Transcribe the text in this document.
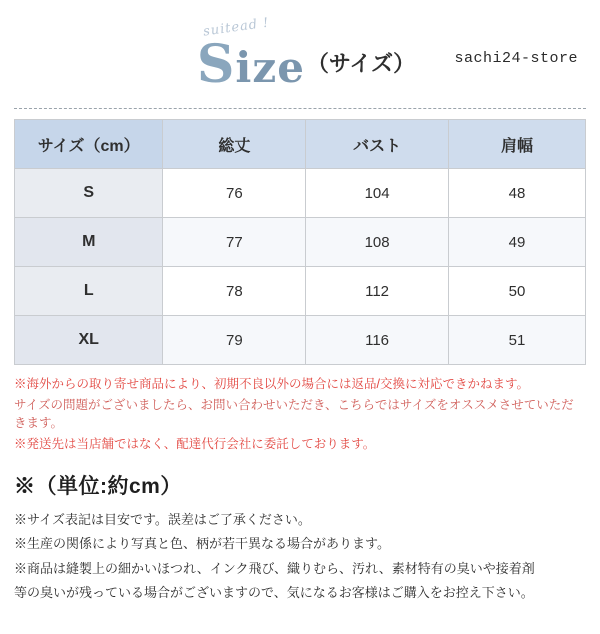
sachi24-store
suitead !
Size（サイズ）
サイズ（cm）	総丈	バスト	肩幅
S	76	104	48
M	77	108	49
L	78	112	50
XL	79	116	51

※海外からの取り寄せ商品により、初期不良以外の場合には返品/交換に対応できかねます。

サイズの問題がございましたら、お問い合わせいただき、こちらではサイズをオススメさせていただきます。

※発送先は当店舗ではなく、配達代行会社に委託しております。

※（単位:約cm）

※サイズ表記は目安です。誤差はご了承ください。

※生産の関係により写真と色、柄が若干異なる場合があります。

※商品は縫製上の細かいほつれ、インク飛び、織りむら、汚れ、素材特有の臭いや接着剤

等の臭いが残っている場合がございますので、気になるお客様はご購入をお控え下さい。
